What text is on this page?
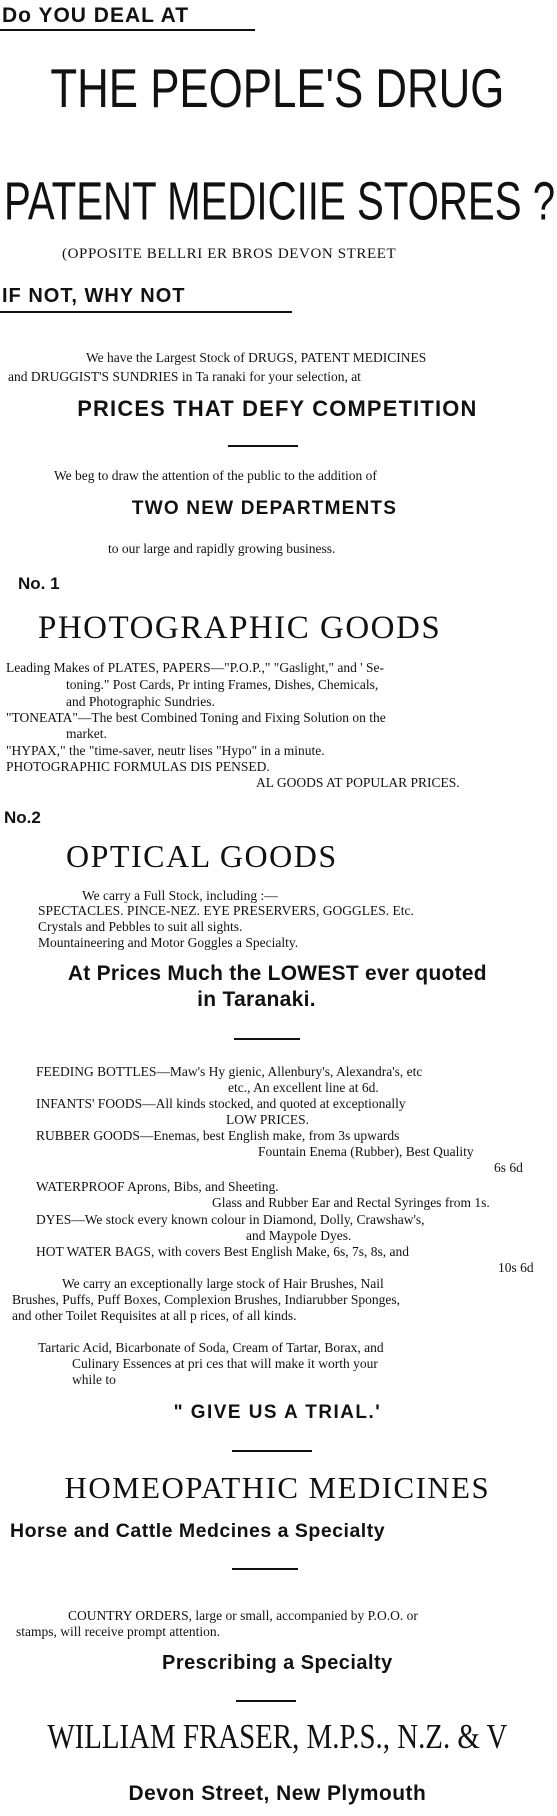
Do YOU DEAL AT
THE PEOPLE'S DRUG
PATENT MEDICIIE STORES ?
(OPPOSITE BELLRI ER BROS DEVON STREET
IF NOT, WHY NOT
We have the Largest Stock of DRUGS, PATENT MEDICINES
and DRUGGIST'S SUNDRIES in Ta ranaki for your selection, at
PRICES THAT DEFY COMPETITION
We beg to draw the attention of the public to the addition of
TWO NEW DEPARTMENTS
to our large and rapidly growing business.
No. 1
PHOTOGRAPHIC GOODS
Leading Makes of PLATES, PAPERS—"P.O.P.," "Gaslight," and ' Se-
toning." Post Cards, Pr inting Frames, Dishes, Chemicals,
and Photographic Sundries.
"TONEATA"—The best Combined Toning and Fixing Solution on the
market.
"HYPAX," the "time-saver, neutr lises "Hypo" in a minute.
PHOTOGRAPHIC FORMULAS DIS PENSED.
AL GOODS AT POPULAR PRICES.
No.2
OPTICAL GOODS
We carry a Full Stock, including :—
SPECTACLES. PINCE-NEZ. EYE PRESERVERS, GOGGLES. Etc.
Crystals and Pebbles to suit all sights.
Mountaineering and Motor Goggles a Specialty.
At Prices Much the LOWEST ever quoted
in Taranaki.
FEEDING BOTTLES—Maw's Hy gienic, Allenbury's, Alexandra's, etc
etc., An excellent line at 6d.
INFANTS' FOODS—All kinds stocked, and quoted at exceptionally
LOW PRICES.
RUBBER GOODS—Enemas, best English make, from 3s upwards
Fountain Enema (Rubber), Best Quality
6s 6d
WATERPROOF Aprons, Bibs, and Sheeting.
Glass and Rubber Ear and Rectal Syringes from 1s.
DYES—We stock every known colour in Diamond, Dolly, Crawshaw's,
and Maypole Dyes.
HOT WATER BAGS, with covers Best English Make, 6s, 7s, 8s, and
10s 6d
We carry an exceptionally large stock of Hair Brushes, Nail
Brushes, Puffs, Puff Boxes, Complexion Brushes, Indiarubber Sponges,
and other Toilet Requisites at all p rices, of all kinds.
Tartaric Acid, Bicarbonate of Soda, Cream of Tartar, Borax, and
Culinary Essences at pri ces that will make it worth your
while to
" GIVE US A TRIAL.'
HOMEOPATHIC MEDICINES
Horse and Cattle Medcines a Specialty
COUNTRY ORDERS, large or small, accompanied by P.O.O. or
stamps, will receive prompt attention.
Prescribing a Specialty
WILLIAM FRASER, M.P.S., N.Z. & V
Devon Street, New Plymouth
